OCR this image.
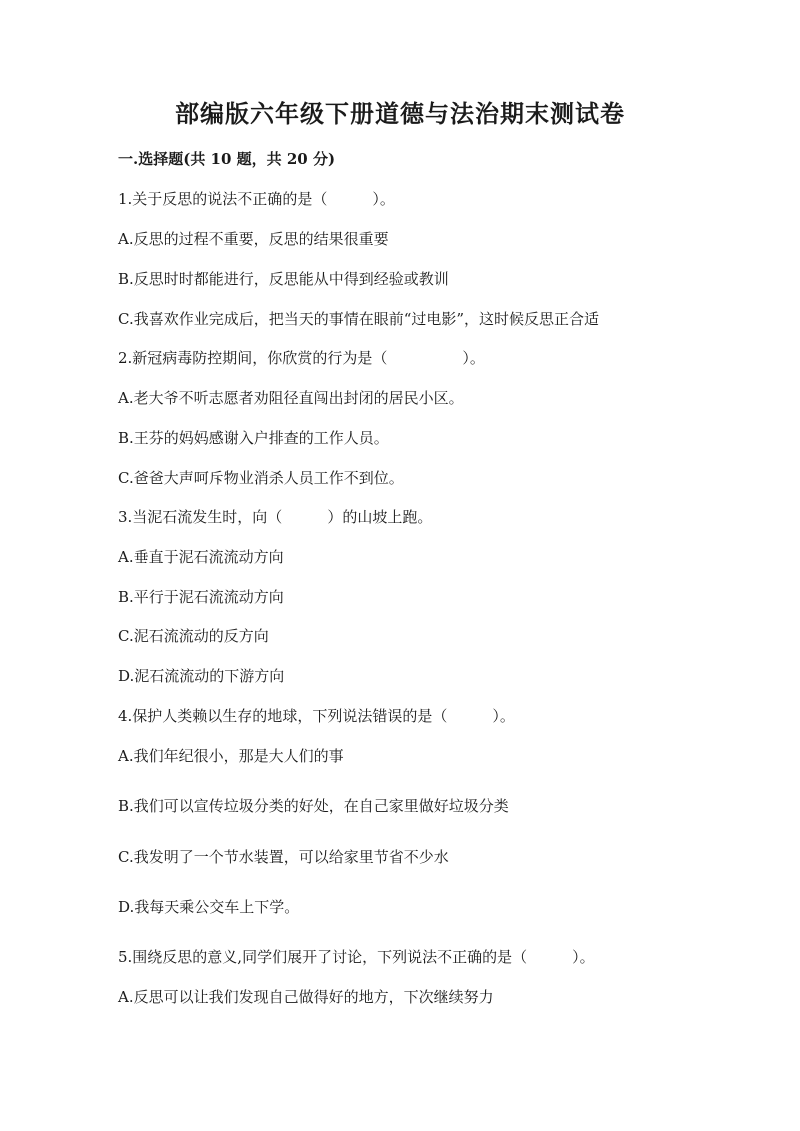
部编版六年级下册道德与法治期末测试卷

一.选择题(共 10 题，共 20 分)

1.关于反思的说法不正确的是（　　　）。

A.反思的过程不重要，反思的结果很重要

B.反思时时都能进行，反思能从中得到经验或教训

C.我喜欢作业完成后，把当天的事情在眼前“过电影”，这时候反思正合适

2.新冠病毒防控期间，你欣赏的行为是（　　　　　）。

A.老大爷不听志愿者劝阻径直闯出封闭的居民小区。

B.王芬的妈妈感谢入户排查的工作人员。

C.爸爸大声呵斥物业消杀人员工作不到位。

3.当泥石流发生时，向（　　　）的山坡上跑。

A.垂直于泥石流流动方向

B.平行于泥石流流动方向

C.泥石流流动的反方向

D.泥石流流动的下游方向

4.保护人类赖以生存的地球，下列说法错误的是（　　　）。

A.我们年纪很小，那是大人们的事

B.我们可以宣传垃圾分类的好处，在自己家里做好垃圾分类

C.我发明了一个节水装置，可以给家里节省不少水

D.我每天乘公交车上下学。

5.围绕反思的意义,同学们展开了讨论，下列说法不正确的是（　　　）。

A.反思可以让我们发现自己做得好的地方，下次继续努力
